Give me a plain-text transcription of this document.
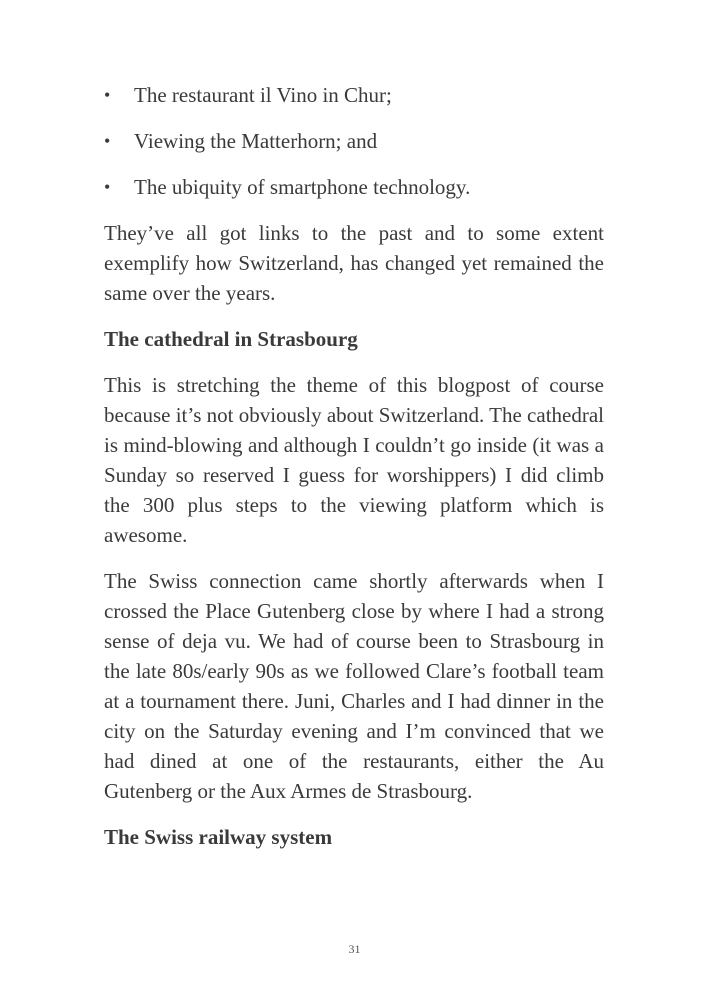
• The restaurant il Vino in Chur;
• Viewing the Matterhorn; and
• The ubiquity of smartphone technology.

They’ve all got links to the past and to some extent exemplify how Switzerland, has changed yet remained the same over the years.

The cathedral in Strasbourg

This is stretching the theme of this blogpost of course because it’s not obviously about Switzerland. The cathedral is mind-blowing and although I couldn’t go inside (it was a Sunday so reserved I guess for worshippers) I did climb the 300 plus steps to the viewing platform which is awesome.

The Swiss connection came shortly afterwards when I crossed the Place Gutenberg close by where I had a strong sense of deja vu. We had of course been to Strasbourg in the late 80s/early 90s as we followed Clare’s football team at a tournament there. Juni, Charles and I had dinner in the city on the Saturday evening and I’m convinced that we had dined at one of the restaurants, either the Au Gutenberg or the Aux Armes de Strasbourg.

The Swiss railway system
31
